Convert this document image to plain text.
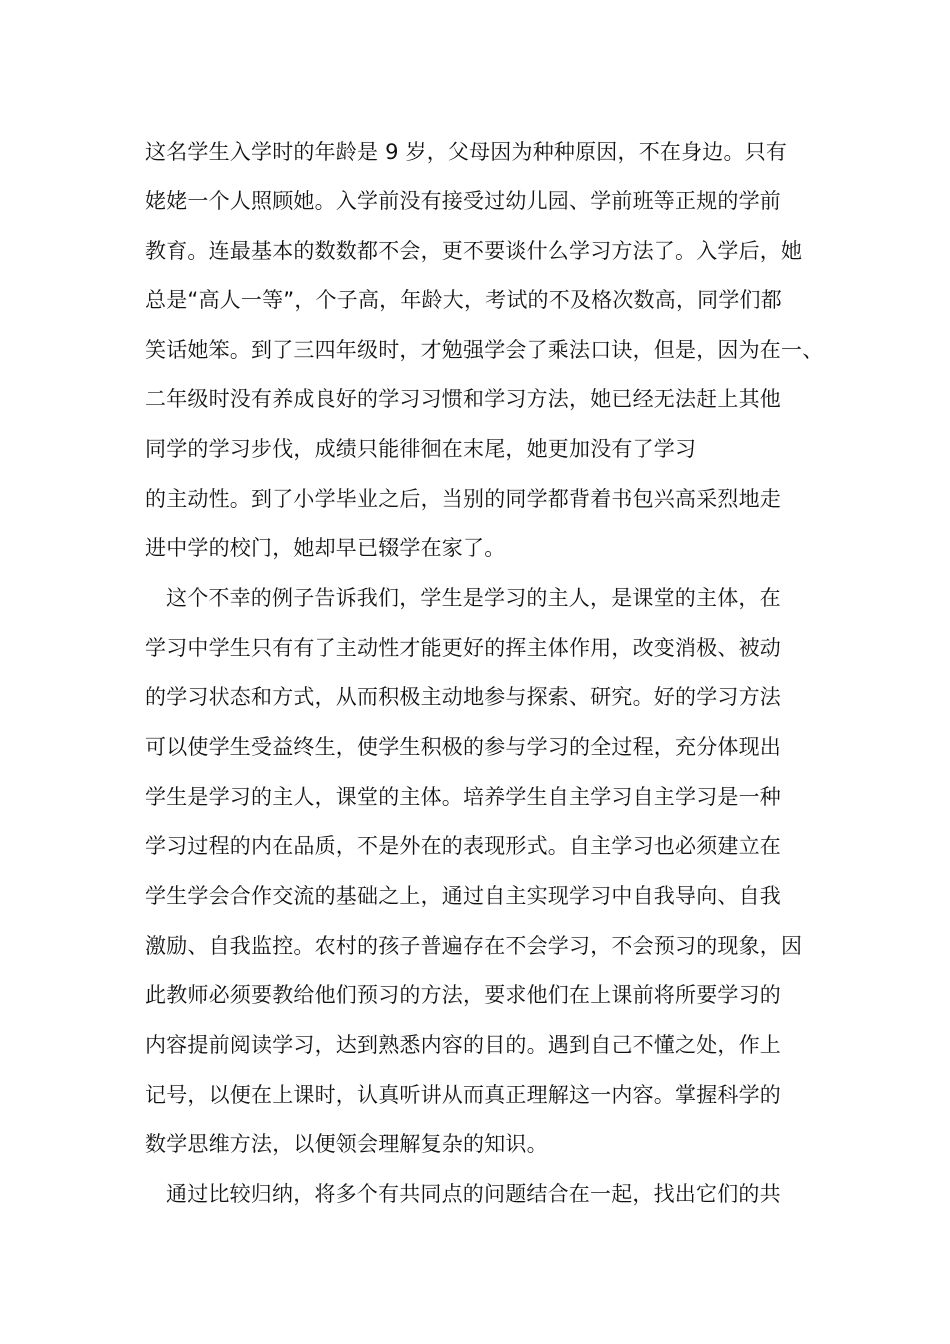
这名学生入学时的年龄是 9 岁，父母因为种种原因，不在身边。只有
姥姥一个人照顾她。入学前没有接受过幼儿园、学前班等正规的学前
教育。连最基本的数数都不会，更不要谈什么学习方法了。入学后，她
总是“高人一等”，个子高，年龄大，考试的不及格次数高，同学们都
笑话她笨。到了三四年级时，才勉强学会了乘法口诀，但是，因为在一、
二年级时没有养成良好的学习习惯和学习方法，她已经无法赶上其他
同学的学习步伐，成绩只能徘徊在末尾，她更加没有了学习
的主动性。到了小学毕业之后，当别的同学都背着书包兴高采烈地走
进中学的校门，她却早已辍学在家了。
这个不幸的例子告诉我们，学生是学习的主人，是课堂的主体，在
学习中学生只有有了主动性才能更好的挥主体作用，改变消极、被动
的学习状态和方式，从而积极主动地参与探索、研究。好的学习方法
可以使学生受益终生，使学生积极的参与学习的全过程，充分体现出
学生是学习的主人，课堂的主体。培养学生自主学习自主学习是一种
学习过程的内在品质，不是外在的表现形式。自主学习也必须建立在
学生学会合作交流的基础之上，通过自主实现学习中自我导向、自我
激励、自我监控。农村的孩子普遍存在不会学习，不会预习的现象，因
此教师必须要教给他们预习的方法，要求他们在上课前将所要学习的
内容提前阅读学习，达到熟悉内容的目的。遇到自己不懂之处，作上
记号，以便在上课时，认真听讲从而真正理解这一内容。掌握科学的
数学思维方法，以便领会理解复杂的知识。
通过比较归纳，将多个有共同点的问题结合在一起，找出它们的共
